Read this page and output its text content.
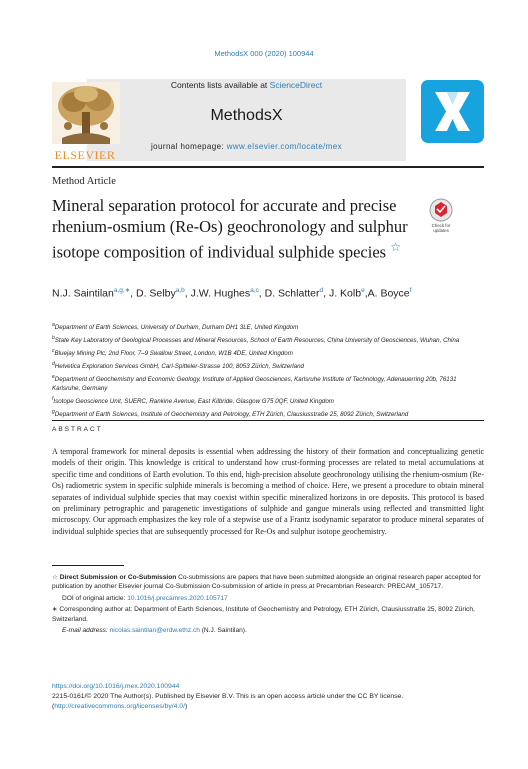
MethodsX 000 (2020) 100944
Contents lists available at ScienceDirect
MethodsX
journal homepage: www.elsevier.com/locate/mex
ELSEVIER
Method Article
Mineral separation protocol for accurate and precise rhenium-osmium (Re-Os) geochronology and sulphur isotope composition of individual sulphide species ☆
Check for
updates
N.J. Saintilan$^{a,g,∗}$, D. Selby$^{a,b}$, J.W. Hughes$^{a,c}$, D. Schlatter$^d$, J. Kolb$^e$,A. Boyce$^f$

$^a$Department of Earth Sciences, University of Durham, Durham DH1 3LE, United Kingdom

$^b$State Key Laboratory of Geological Processes and Mineral Resources, School of Earth Resources, China University of Geosciences, Wuhan, China

$^c$Bluejay Mining Plc, 2nd Floor, 7–9 Swallow Street, London, W1B 4DE, United Kingdom

$^d$Helvetica Exploration Services GmbH, Carl-Spitteler-Strasse 100, 8053 Zürich, Switzerland

$^e$Department of Geochemistry and Economic Geology, Institute of Applied Geosciences, Karlsruhe Institute of Technology, Adenauerring 20b, 76131 Karlsruhe, Germany

$^f$Isotope Geoscience Unit, SUERC, Rankine Avenue, East Kilbride, Glasgow G75 0QF, United Kingdom

$^g$Department of Earth Sciences, Institute of Geochemistry and Petrology, ETH Zürich, Clausiusstraße 25, 8092 Zürich, Switzerland

ABSTRACT

A temporal framework for mineral deposits is essential when addressing the history of their formation and conceptualizing genetic models of their origin. This knowledge is critical to understand how crust-forming processes are related to metal accumulations at specific time and conditions of Earth evolution. To this end, high-precision absolute geochronology utilising the rhenium-osmium (Re-Os) radiometric system in specific sulphide minerals is becoming a method of choice. Here, we present a procedure to obtain mineral separates of individual sulphide species that may coexist within specific mineralized horizons in ore deposits. This protocol is based on preliminary petrographic and paragenetic investigations of sulphide and gangue minerals using reflected and transmitted light microscopy. Our approach emphasizes the key role of a stepwise use of a Frantz isodynamic separator to produce mineral separates of individual sulphide species that are subsequently processed for Re-Os and sulphur isotope geochemistry.

☆ Direct Submission or Co-Submission Co-submissions are papers that have been submitted alongside an original research paper accepted for publication by another Elsevier journal Co-Submission Co-submission of article in press at Precambrian Research: PRECAM_105717.

DOI of original article: 10.1016/j.precamres.2020.105717

∗ Corresponding author at: Department of Earth Sciences, Institute of Geochemistry and Petrology, ETH Zürich, Clausiusstraße 25, 8092 Zürich, Switzerland.

E-mail address: nicolas.saintilan@erdw.ethz.ch (N.J. Saintilan).

https://doi.org/10.1016/j.mex.2020.100944

2215-0161/© 2020 The Author(s). Published by Elsevier B.V. This is an open access article under the CC BY license.

(http://creativecommons.org/licenses/by/4.0/)
